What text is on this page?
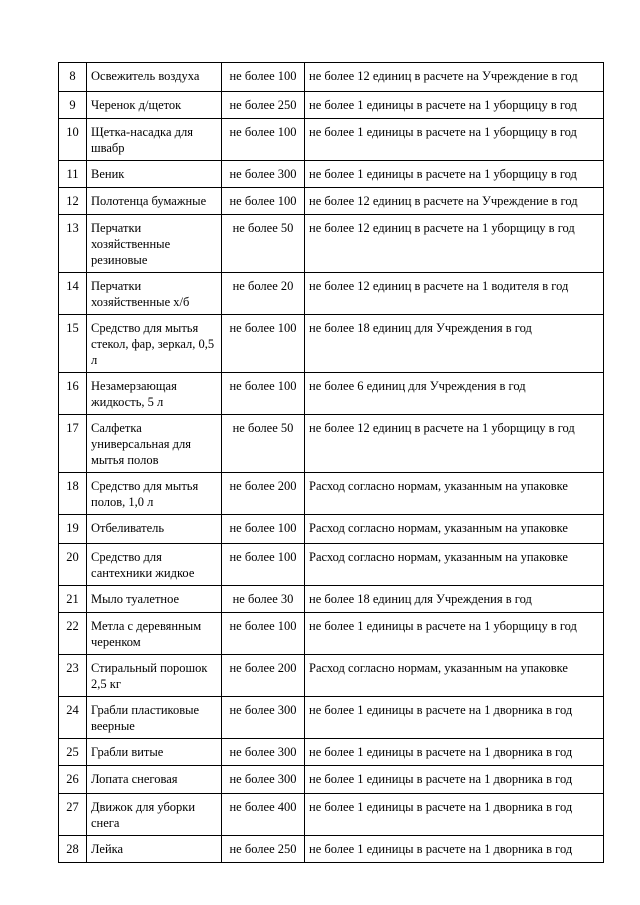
8	Освежитель воздуха	не более 100	не более 12 единиц в расчете на Учреждение в год
9	Черенок д/щеток	не более 250	не более 1 единицы в расчете на 1 уборщицу в год
10	Щетка-насадка для швабр	не более 100	не более 1 единицы в расчете на 1 уборщицу в год
11	Веник	не более 300	не более 1 единицы в расчете на 1 уборщицу в год
12	Полотенца бумажные	не более 100	не более 12 единиц в расчете на Учреждение в год
13	Перчатки хозяйственные резиновые	не более 50	не более 12 единиц в расчете на 1 уборщицу в год
14	Перчатки хозяйственные х/б	не более 20	не более 12 единиц в расчете на 1 водителя в год
15	Средство для мытья стекол, фар, зеркал, 0,5 л	не более 100	не более 18 единиц для Учреждения в год
16	Незамерзающая жидкость, 5 л	не более 100	не более 6 единиц для Учреждения в год
17	Салфетка универсальная для мытья полов	не более 50	не более 12 единиц в расчете на 1 уборщицу в год
18	Средство для мытья полов, 1,0 л	не более 200	Расход согласно нормам, указанным на упаковке
19	Отбеливатель	не более 100	Расход согласно нормам, указанным на упаковке
20	Средство для сантехники жидкое	не более 100	Расход согласно нормам, указанным на упаковке
21	Мыло туалетное	не более 30	не более 18 единиц для Учреждения в год
22	Метла с деревянным черенком	не более 100	не более 1 единицы в расчете на 1 уборщицу в год
23	Стиральный порошок 2,5 кг	не более 200	Расход согласно нормам, указанным на упаковке
24	Грабли пластиковые веерные	не более 300	не более 1 единицы в расчете на 1 дворника в год
25	Грабли витые	не более 300	не более 1 единицы в расчете на 1 дворника в год
26	Лопата снеговая	не более 300	не более 1 единицы в расчете на 1 дворника в год
27	Движок для уборки снега	не более 400	не более 1 единицы в расчете на 1 дворника в год
28	Лейка	не более 250	не более 1 единицы в расчете на 1 дворника в год
